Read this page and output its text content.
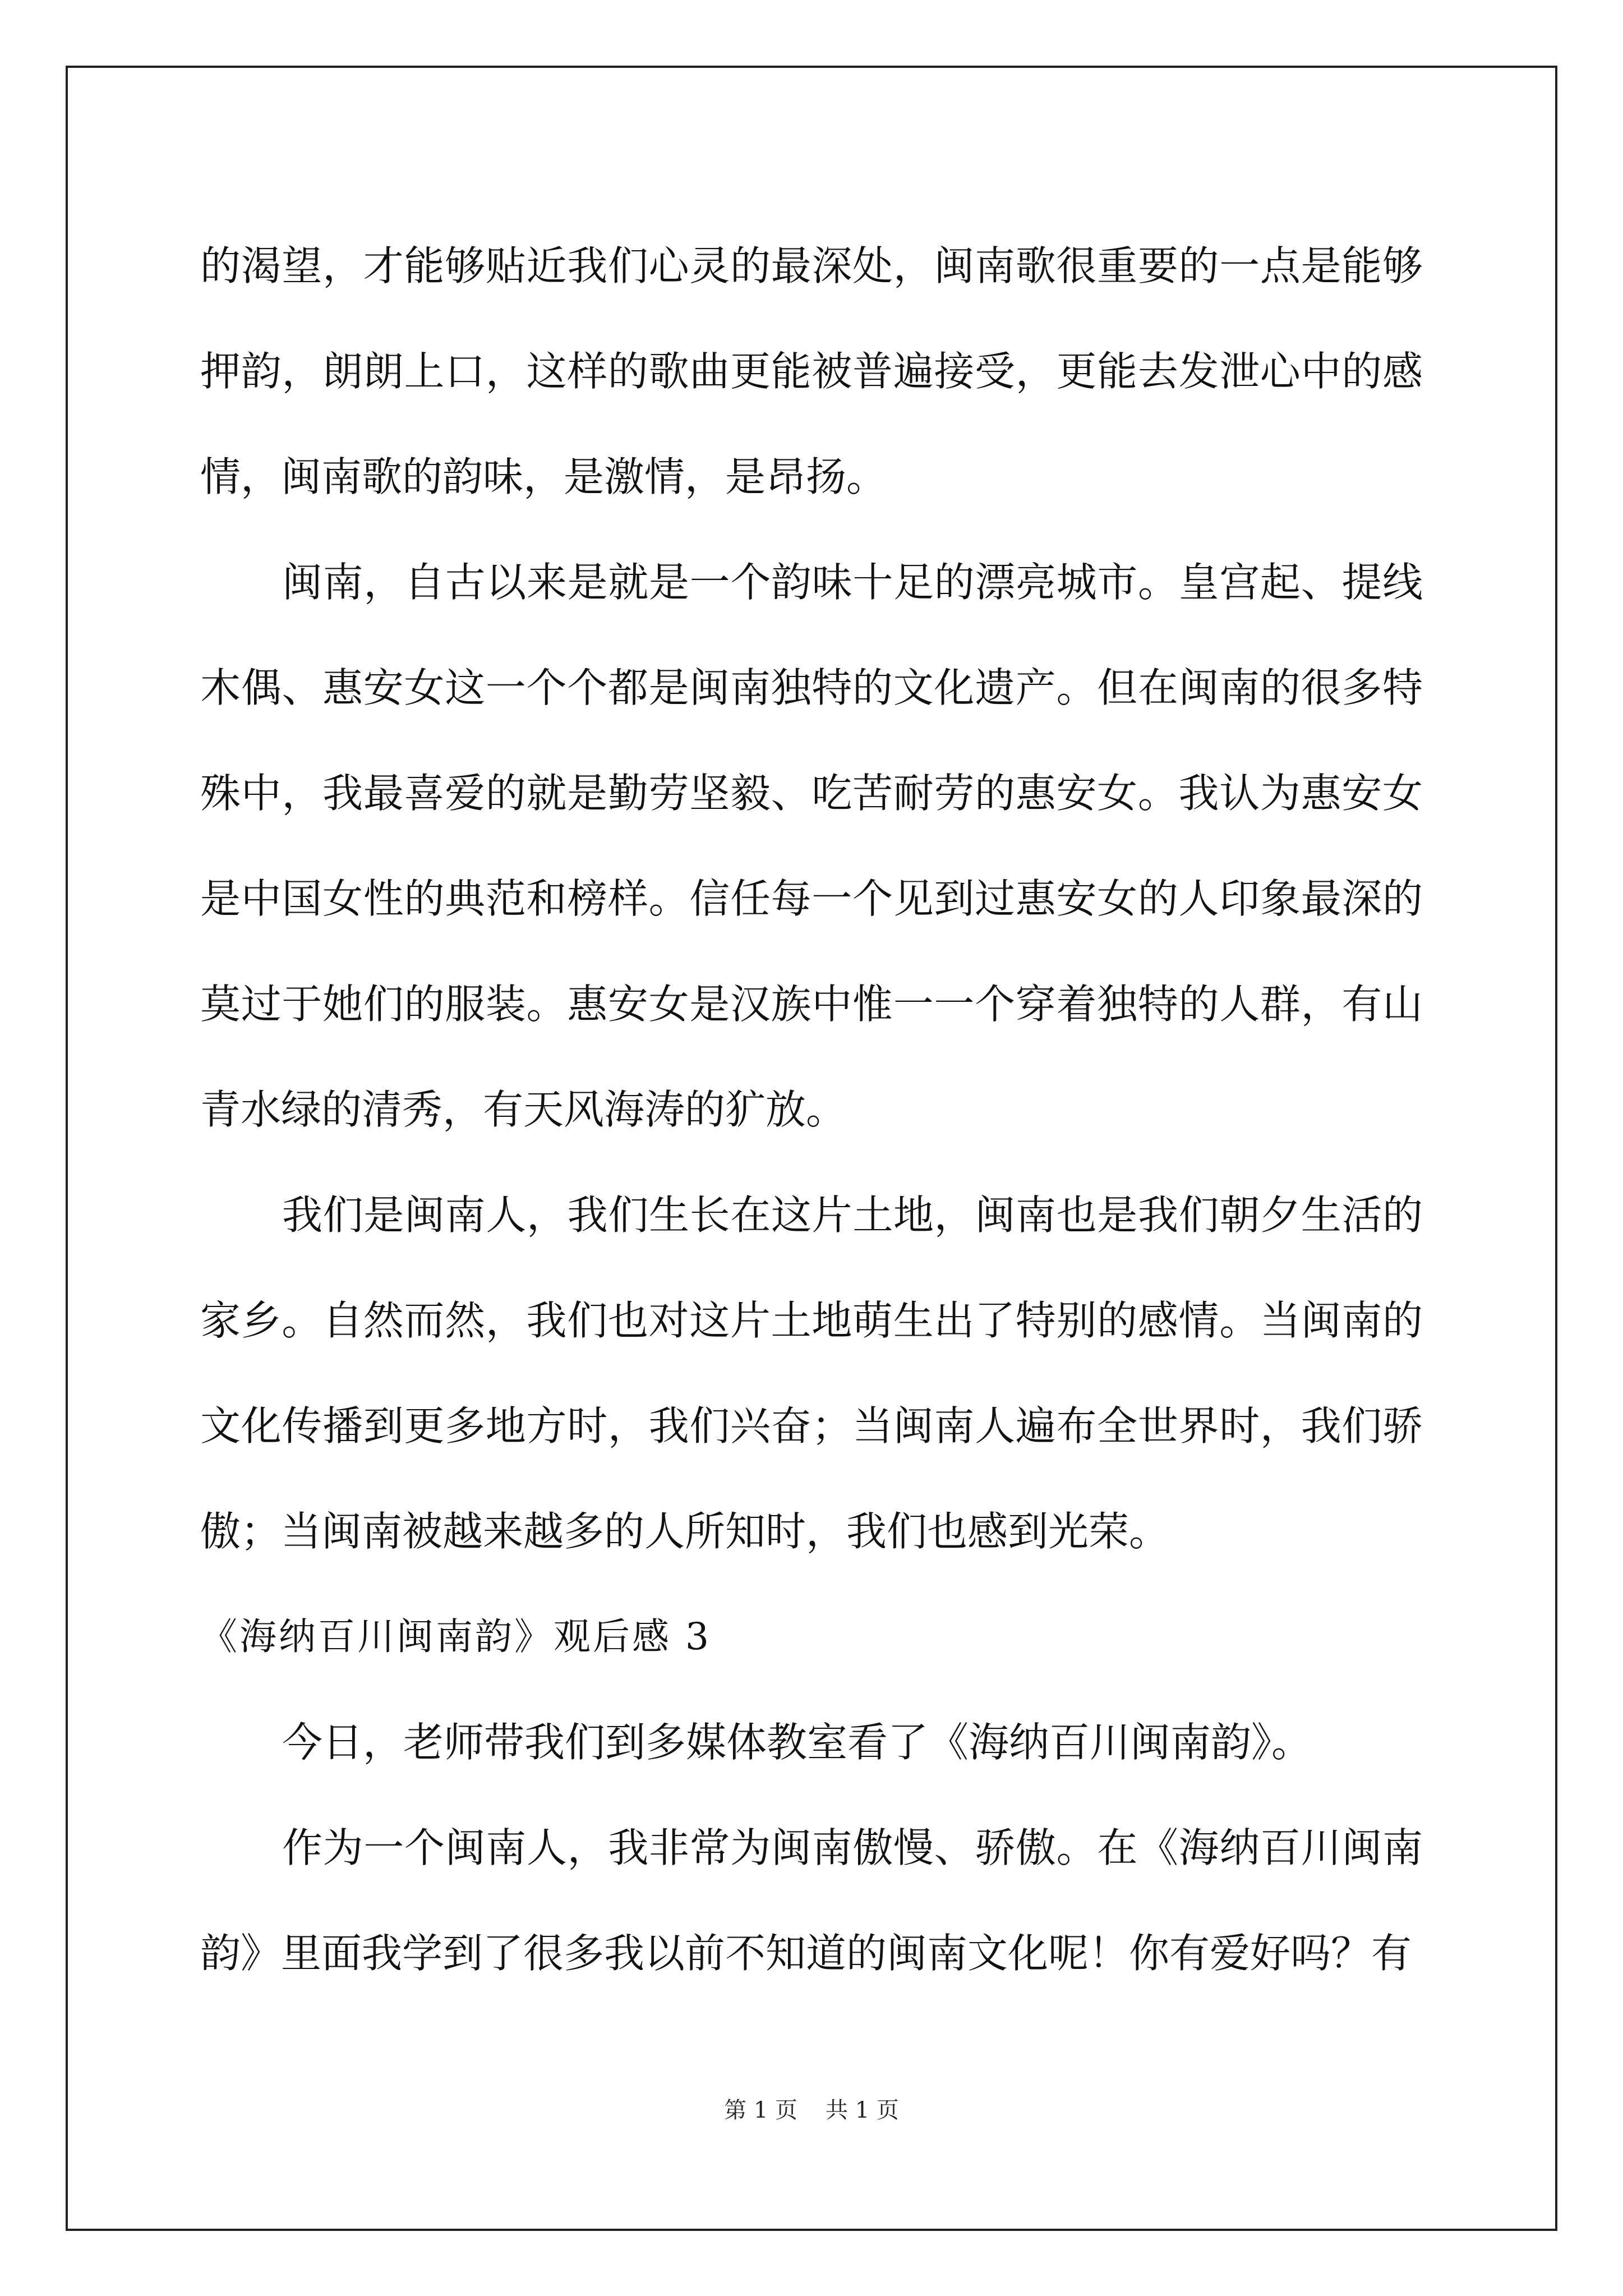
的渴望，才能够贴近我们心灵的最深处，闽南歌很重要的一点是能够押韵，朗朗上口，这样的歌曲更能被普遍接受，更能去发泄心中的感情，闽南歌的韵味，是激情，是昂扬。

闽南，自古以来是就是一个韵味十足的漂亮城市。皇宫起、提线木偶、惠安女这一个个都是闽南独特的文化遗产。但在闽南的很多特殊中，我最喜爱的就是勤劳坚毅、吃苦耐劳的惠安女。我认为惠安女是中国女性的典范和榜样。信任每一个见到过惠安女的人印象最深的莫过于她们的服装。惠安女是汉族中惟一一个穿着独特的人群，有山青水绿的清秀，有天风海涛的犷放。

我们是闽南人，我们生长在这片土地，闽南也是我们朝夕生活的家乡。自然而然，我们也对这片土地萌生出了特别的感情。当闽南的文化传播到更多地方时，我们兴奋；当闽南人遍布全世界时，我们骄傲；当闽南被越来越多的人所知时，我们也感到光荣。

《海纳百川闽南韵》观后感 3

今日，老师带我们到多媒体教室看了《海纳百川闽南韵》。

作为一个闽南人，我非常为闽南傲慢、骄傲。在《海纳百川闽南韵》里面我学到了很多我以前不知道的闽南文化呢！你有爱好吗？有

第 1 页 共 1 页
